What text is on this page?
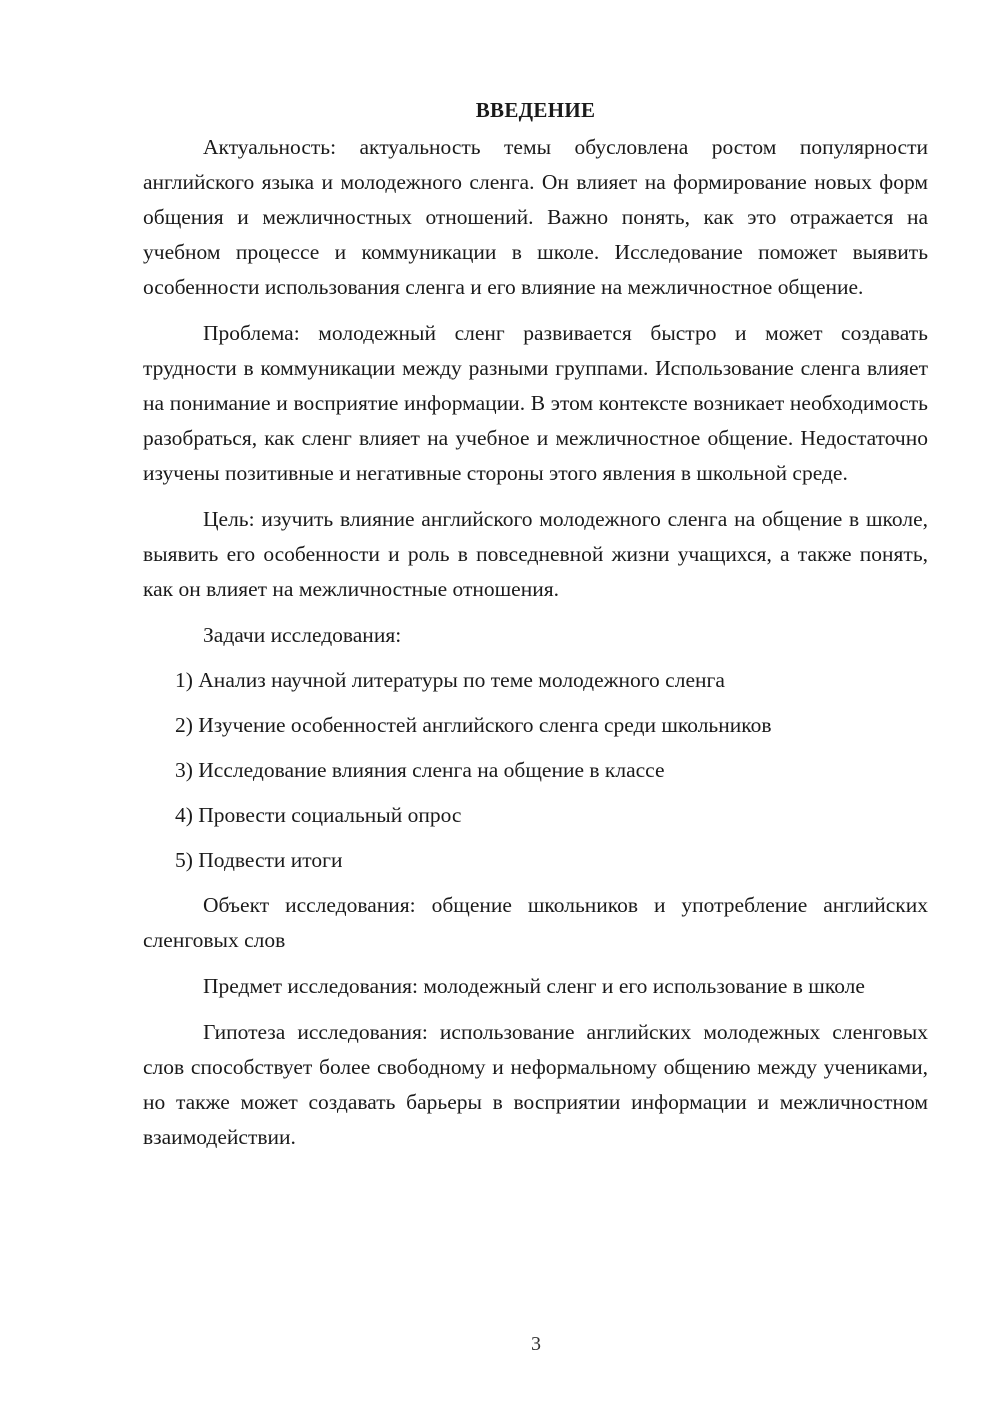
ВВЕДЕНИЕ

Актуальность: актуальность темы обусловлена ростом популярности английского языка и молодежного сленга. Он влияет на формирование новых форм общения и межличностных отношений. Важно понять, как это отражается на учебном процессе и коммуникации в школе. Исследование поможет выявить особенности использования сленга и его влияние на межличностное общение.

Проблема: молодежный сленг развивается быстро и может создавать трудности в коммуникации между разными группами. Использование сленга влияет на понимание и восприятие информации. В этом контексте возникает необходимость разобраться, как сленг влияет на учебное и межличностное общение. Недостаточно изучены позитивные и негативные стороны этого явления в школьной среде.

Цель: изучить влияние английского молодежного сленга на общение в школе, выявить его особенности и роль в повседневной жизни учащихся, а также понять, как он влияет на межличностные отношения.

Задачи исследования:

1) Анализ научной литературы по теме молодежного сленга

2) Изучение особенностей английского сленга среди школьников

3) Исследование влияния сленга на общение в классе

4) Провести социальный опрос

5) Подвести итоги

Объект исследования: общение школьников и употребление английских сленговых слов

Предмет исследования: молодежный сленг и его использование в школе

Гипотеза исследования: использование английских молодежных сленговых слов способствует более свободному и неформальному общению между учениками, но также может создавать барьеры в восприятии информации и межличностном взаимодействии.

3
